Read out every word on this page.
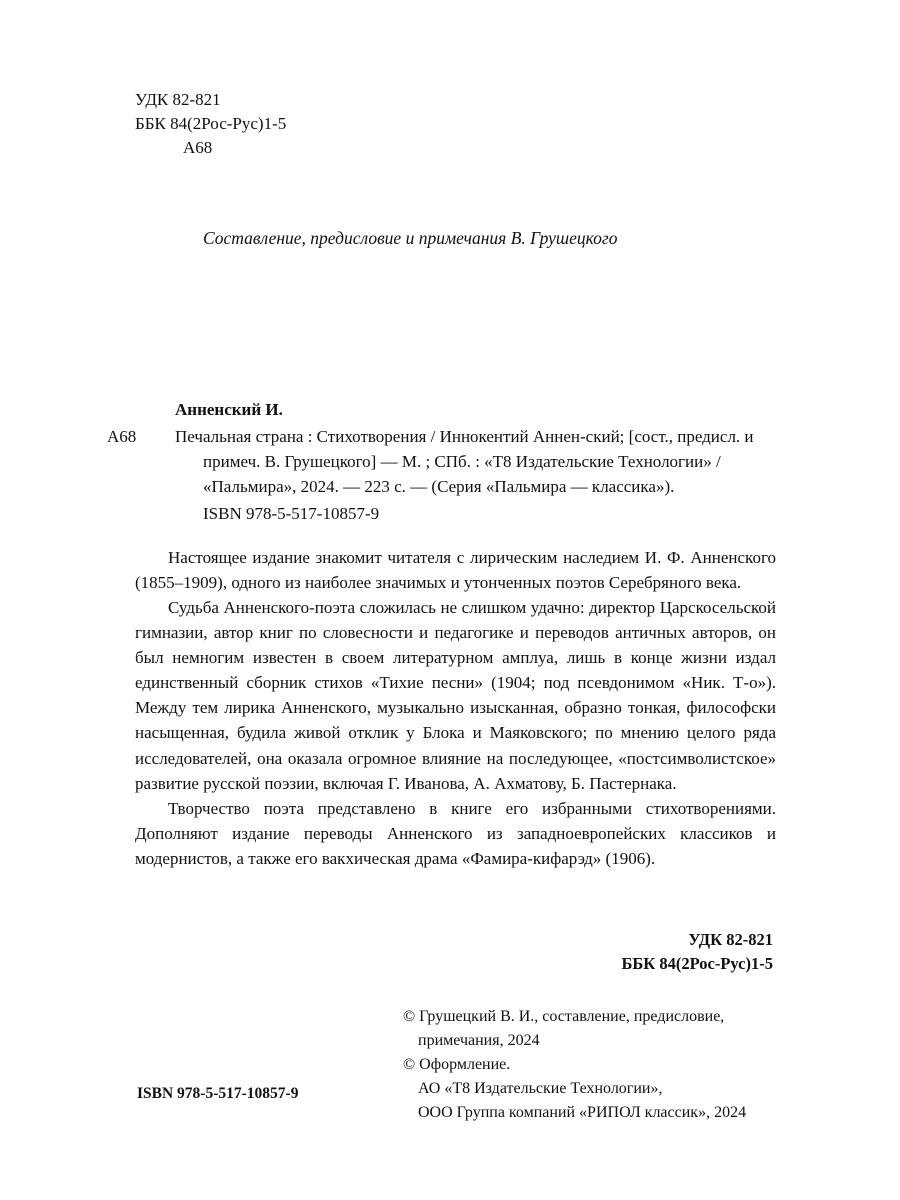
УДК 82-821
ББК 84(2Рос-Рус)1-5
А68
Составление, предисловие и примечания В. Грушецкого
Анненский И.
А68 Печальная страна : Стихотворения / Иннокентий Аннен-ский; [сост., предисл. и примеч. В. Грушецкого] — М. ; СПб. : «Т8 Издательские Технологии» / «Пальмира», 2024. — 223 с. — (Серия «Пальмира — классика»).
ISBN 978-5-517-10857-9

Настоящее издание знакомит читателя с лирическим наследием И. Ф. Анненского (1855–1909), одного из наиболее значимых и утонченных поэтов Серебряного века.

Судьба Анненского-поэта сложилась не слишком удачно: директор Царскосельской гимназии, автор книг по словесности и педагогике и переводов античных авторов, он был немногим известен в своем литературном амплуа, лишь в конце жизни издал единственный сборник стихов «Тихие песни» (1904; под псевдонимом «Ник. Т-о»). Между тем лирика Анненского, музыкально изысканная, образно тонкая, философски насыщенная, будила живой отклик у Блока и Маяковского; по мнению целого ряда исследователей, она оказала огромное влияние на последующее, «постсимволистское» развитие русской поэзии, включая Г. Иванова, А. Ахматову, Б. Пастернака.

Творчество поэта представлено в книге его избранными стихотворениями. Дополняют издание переводы Анненского из западноевропейских классиков и модернистов, а также его вакхическая драма «Фамира-кифарэд» (1906).

УДК 82-821
ББК 84(2Рос-Рус)1-5
© Грушецкий В. И., составление, предисловие,
примечания, 2024
© Оформление.
АО «Т8 Издательские Технологии»,
ООО Группа компаний «РИПОЛ классик», 2024
ISBN 978-5-517-10857-9
